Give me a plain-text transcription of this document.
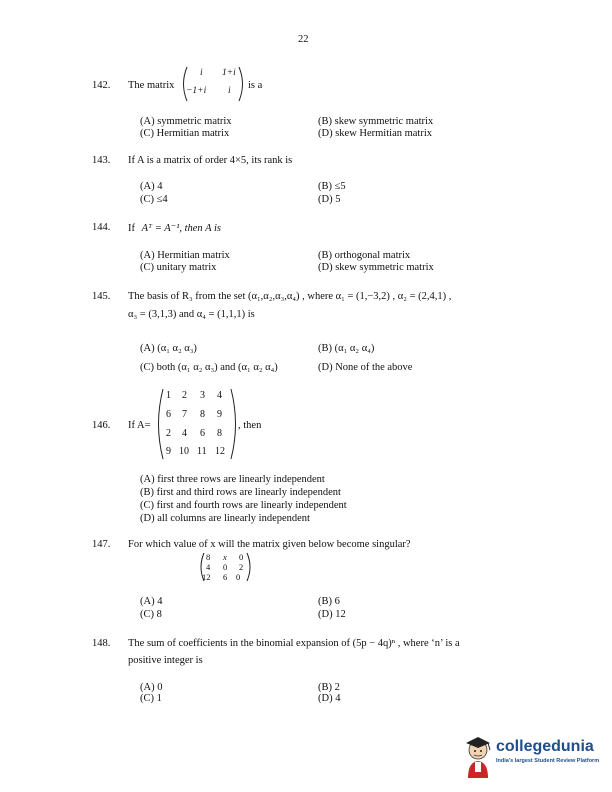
22
142. The matrix
i 1+i
−1+i i is a
(A) symmetric matrix	(B) skew symmetric matrix
(C) Hermitian matrix	(D) skew Hermitian matrix
143. If A is a matrix of order 4×5, its rank is
(A) 4	(B) ≤5
(C) ≤4	(D) 5
144. If Aᵀ = A⁻¹, then A is
(A) Hermitian matrix	(B) orthogonal matrix
(C) unitary matrix	(D) skew symmetric matrix
145. The basis of R₃ from the set (α₁,α₂,α₃,α₄) , where α₁ = (1,−3,2) , α₂ = (2,4,1) ,
α₃ = (3,1,3) and α₄ = (1,1,1) is
(A) (α₁ α₂ α₃)	(B) (α₁ α₂ α₄)
(C) both (α₁ α₂ α₃) and (α₁ α₂ α₄)	(D) None of the above
146. If A=
1 2 3 4
6 7 8 9
2 4 6 8
9 10 11 12
, then
(A) first three rows are linearly independent
(B) first and third rows are linearly independent
(C) first and fourth rows are linearly independent
(D) all columns are linearly independent
147. For which value of x will the matrix given below become singular?
8 x 0
4 0 2
12 6 0
(A) 4	(B) 6
(C) 8	(D) 12
148. The sum of coefficients in the binomial expansion of (5p − 4q)ⁿ , where ‘n’ is a
positive integer is
(A) 0	(B) 2
(C) 1	(D) 4
collegedunia
India's largest Student Review Platform
